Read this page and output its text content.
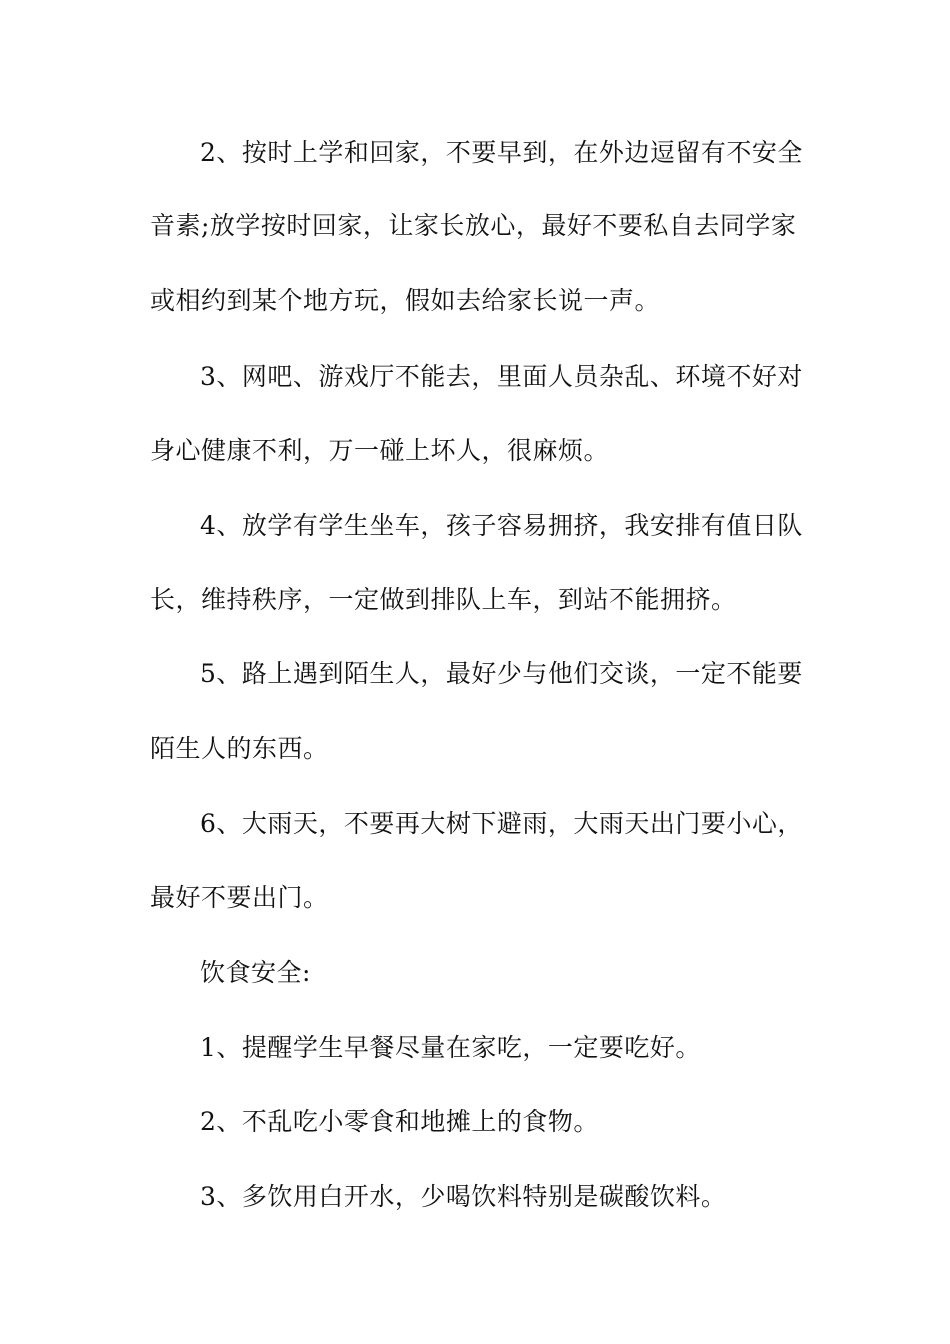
2、按时上学和回家，不要早到，在外边逗留有不安全
音素;放学按时回家，让家长放心，最好不要私自去同学家
或相约到某个地方玩，假如去给家长说一声。
3、网吧、游戏厅不能去，里面人员杂乱、环境不好对
身心健康不利，万一碰上坏人，很麻烦。
4、放学有学生坐车，孩子容易拥挤，我安排有值日队
长，维持秩序，一定做到排队上车，到站不能拥挤。
5、路上遇到陌生人，最好少与他们交谈，一定不能要
陌生人的东西。
6、大雨天，不要再大树下避雨，大雨天出门要小心，
最好不要出门。
饮食安全:
1、提醒学生早餐尽量在家吃，一定要吃好。
2、不乱吃小零食和地摊上的食物。
3、多饮用白开水，少喝饮料特别是碳酸饮料。
